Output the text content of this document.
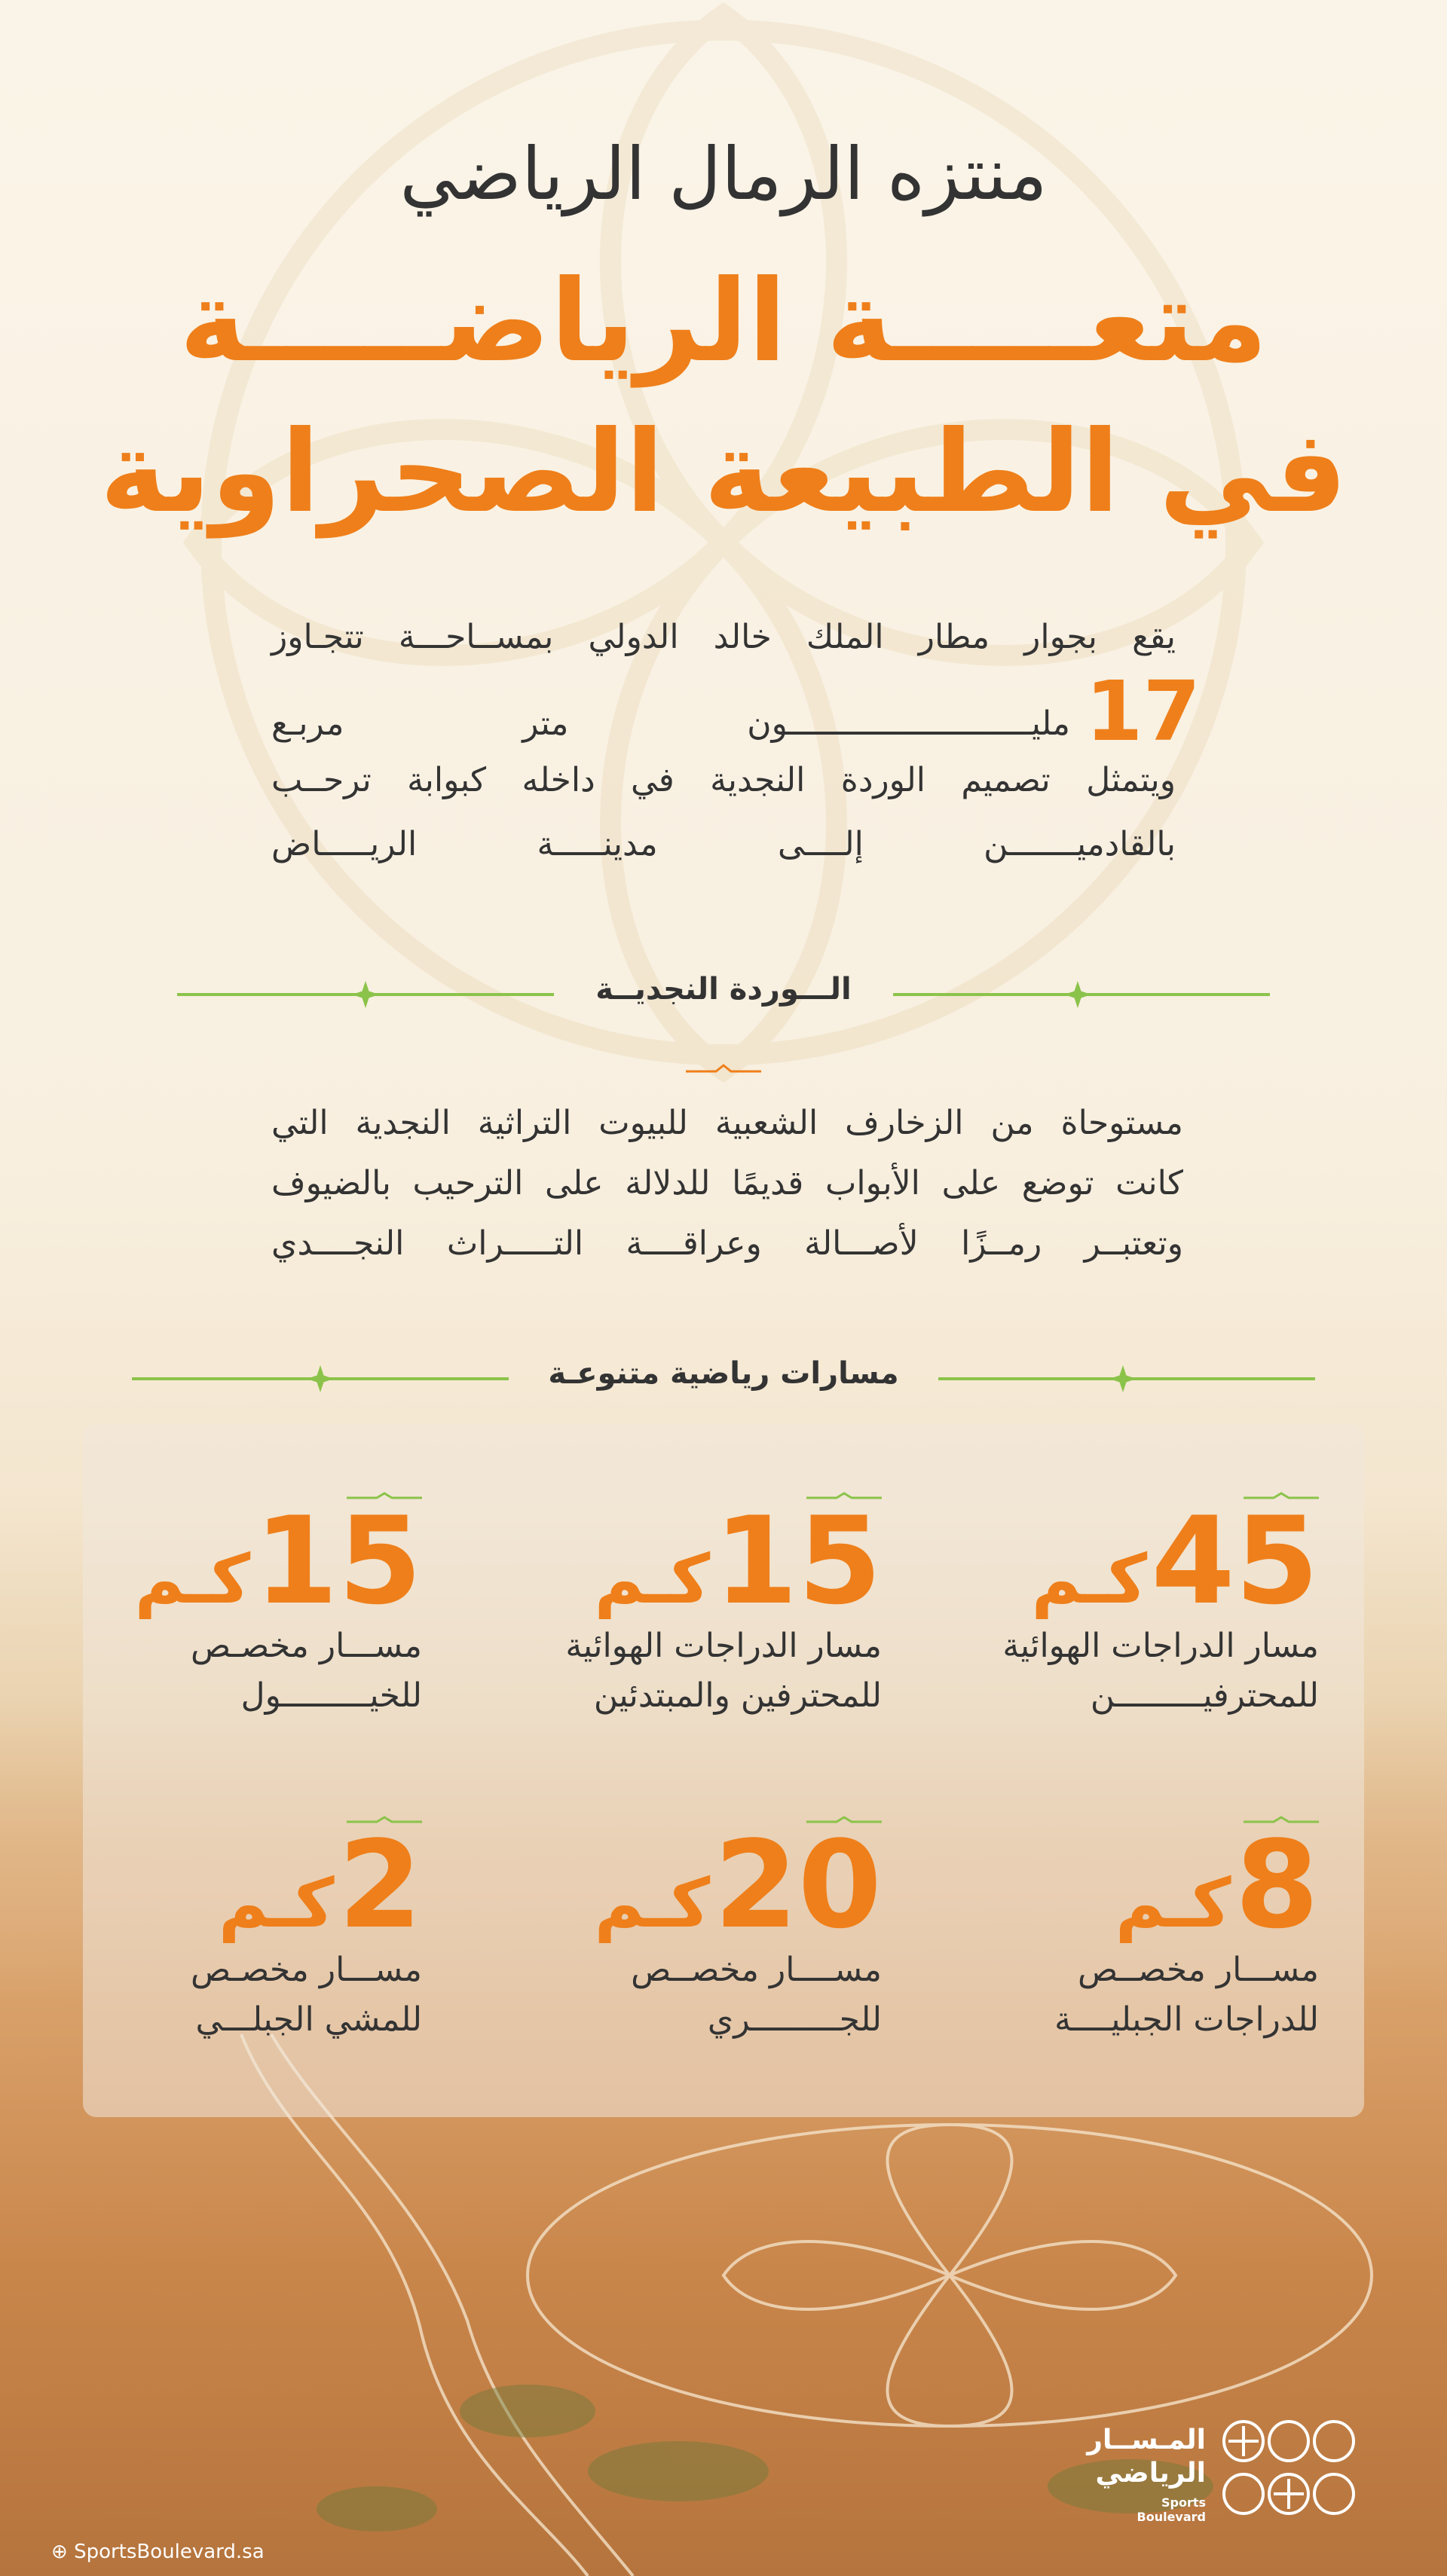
منتزه الرمال الرياضي
متعـــــة الرياضـــــة
في الطبيعة الصحراوية
يقع بجوار مطار الملك خالد الدولي بمســاحـــة تتجـاوز
17
مليـــــــــــــــــــــــــون متر مربـع
ويتمثل تصميم الوردة النجدية في داخله كبوابة ترحــب
بالقادميـــــــن إلــــى مدينـــــة الريـــــاض
الـــوردة النجديــة
مستوحاة من الزخارف الشعبية للبيوت التراثية النجدية التي
كانت توضع على الأبواب قديمًا للدلالة على الترحيب بالضيوف
وتعتبــر رمــزًا لأصـــالة وعراقــــة التـــــراث النجــــدي
مسارات رياضية متنوعـة
45 كـم
مسار الدراجات الهوائية
للمحترفيـــــــــن
15 كـم
مسار الدراجات الهوائية
للمحترفين والمبتدئين
15 كـم
مســـار مخصـص
للخيـــــــــول
8 كـم
مســـار مخصــص
للدراجات الجبليــــة
20 كـم
مســــار مخصــص
للجـــــــــري
2 كـم
مســـار مخصـص
للمشي الجبلـــي
⊕ SportsBoulevard.sa
المـســار
الرياضي
Sports Boulevard
